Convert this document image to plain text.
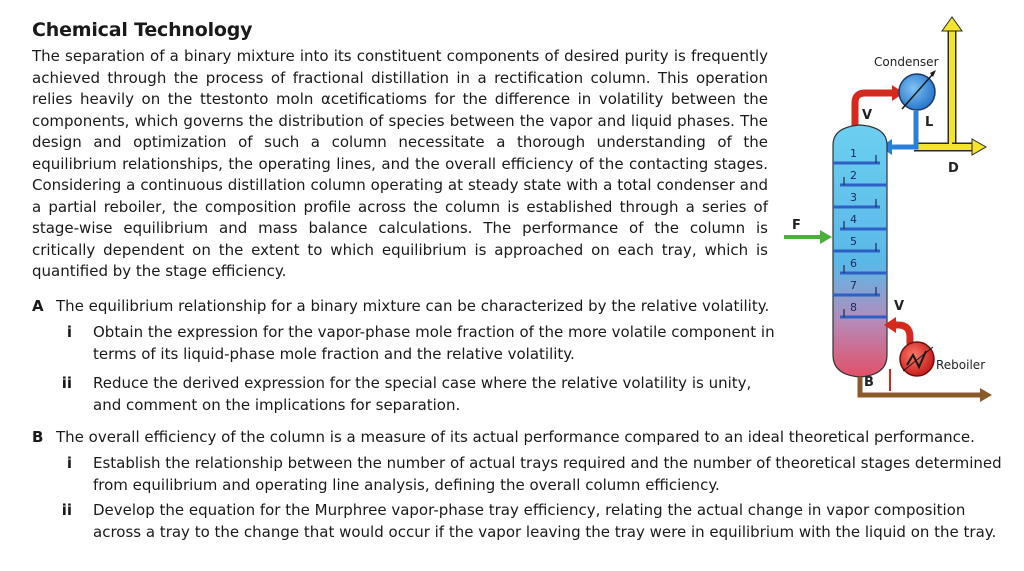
Chemical Technology
The separation of a binary mixture into its constituent components of desired purity is frequently achieved through the process of fractional distillation in a rectification column. This operation relies heavily on the ttestonto moln αcetificatioms for the difference in volatility between the components, which governs the distribution of species between the vapor and liquid phases. The design and optimization of such a column necessitate a thorough understanding of the equilibrium relationships, the operating lines, and the overall efficiency of the contacting stages. Considering a continuous distillation column operating at steady state with a total condenser and a partial reboiler, the composition profile across the column is established through a series of stage-wise equilibrium and mass balance calculations. The performance of the column is critically dependent on the extent to which equilibrium is approached on each tray, which is quantified by the stage efficiency.
A The equilibrium relationship for a binary mixture can be characterized by the relative volatility.
i Obtain the expression for the vapor-phase mole fraction of the more volatile component in terms of its liquid-phase mole fraction and the relative volatility.
ii Reduce the derived expression for the special case where the relative volatility is unity, and comment on the implications for separation.
B The overall efficiency of the column is a measure of its actual performance compared to an ideal theoretical performance.
i Establish the relationship between the number of actual trays required and the number of theoretical stages determined from equilibrium and operating line analysis, defining the overall column efficiency.
ii Develop the equation for the Murphree vapor-phase tray efficiency, relating the actual change in vapor composition across a tray to the change that would occur if the vapor leaving the tray were in equilibrium with the liquid on the tray.
1
2
3
4
5
6
7
8
Condenser
V	L
D
F
V
Reboiler
B
